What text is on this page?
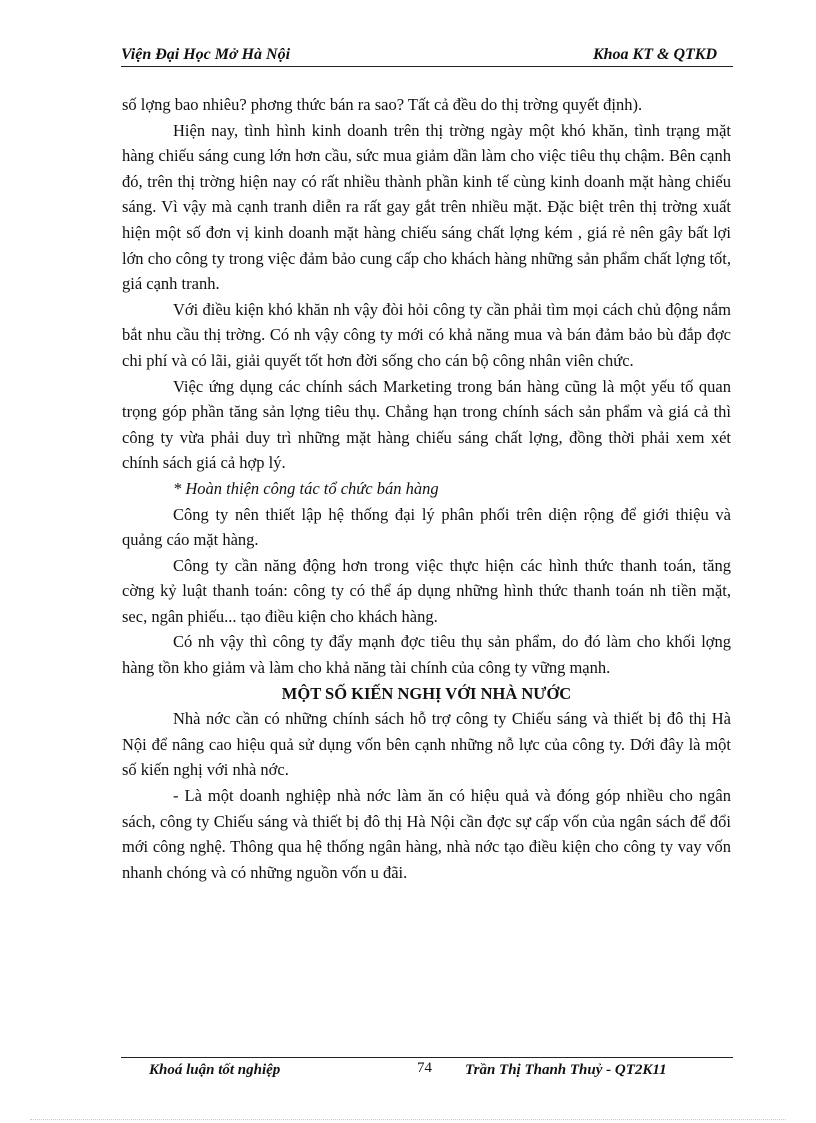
Viện Đại Học Mở Hà Nội	Khoa KT & QTKD

số lợng bao nhiêu? phơng thức bán ra sao? Tất cả đều do thị trờng quyết định).

Hiện nay, tình hình kinh doanh trên thị trờng ngày một khó khăn, tình trạng mặt hàng chiếu sáng cung lớn hơn cầu, sức mua giảm dần làm cho việc tiêu thụ chậm. Bên cạnh đó, trên thị trờng hiện nay có rất nhiều thành phần kinh tế cùng kinh doanh mặt hàng chiếu sáng. Vì vậy mà cạnh tranh diễn ra rất gay gắt trên nhiều mặt. Đặc biệt trên thị trờng xuất hiện một số đơn vị kinh doanh mặt hàng chiếu sáng chất lợng kém , giá rẻ nên gây bất lợi lớn cho công ty trong việc đảm bảo cung cấp cho khách hàng những sản phẩm chất lợng tốt, giá cạnh tranh.

Với điều kiện khó khăn nh vậy đòi hỏi công ty cần phải tìm mọi cách chủ động nắm bắt nhu cầu thị trờng. Có nh vậy công ty mới có khả năng mua và bán đảm bảo bù đắp đợc chi phí và có lãi, giải quyết tốt hơn đời sống cho cán bộ công nhân viên chức.

Việc ứng dụng các chính sách Marketing trong bán hàng cũng là một yếu tố quan trọng góp phần tăng sản lợng tiêu thụ. Chẳng hạn trong chính sách sản phẩm và giá cả thì công ty vừa phải duy trì những mặt hàng chiếu sáng chất lợng, đồng thời phải xem xét chính sách giá cả hợp lý.

* Hoàn thiện công tác tổ chức bán hàng

Công ty nên thiết lập hệ thống đại lý phân phối trên diện rộng để giới thiệu và quảng cáo mặt hàng.

Công ty cần năng động hơn trong việc thực hiện các hình thức thanh toán, tăng cờng kỷ luật thanh toán: công ty có thể áp dụng những hình thức thanh toán nh tiền mặt, sec, ngân phiếu... tạo điều kiện cho khách hàng.

Có nh vậy thì công ty đẩy mạnh đợc tiêu thụ sản phẩm, do đó làm cho khối lợng hàng tồn kho giảm và làm cho khả năng tài chính của công ty vững mạnh.

MỘT SỐ KIẾN NGHỊ VỚI NHÀ NƯỚC

Nhà nớc cần có những chính sách hỗ trợ công ty Chiếu sáng và thiết bị đô thị Hà Nội để nâng cao hiệu quả sử dụng vốn bên cạnh những nỗ lực của công ty. Dới đây là một số kiến nghị với nhà nớc.

- Là một doanh nghiệp nhà nớc làm ăn có hiệu quả và đóng góp nhiều cho ngân sách, công ty Chiếu sáng và thiết bị đô thị Hà Nội cần đợc sự cấp vốn của ngân sách để đổi mới công nghệ. Thông qua hệ thống ngân hàng, nhà nớc tạo điều kiện cho công ty vay vốn nhanh chóng và có những nguồn vốn u đãi.

Khoá luận tốt nghiệp	74 Trần Thị Thanh Thuỷ - QT2K11
